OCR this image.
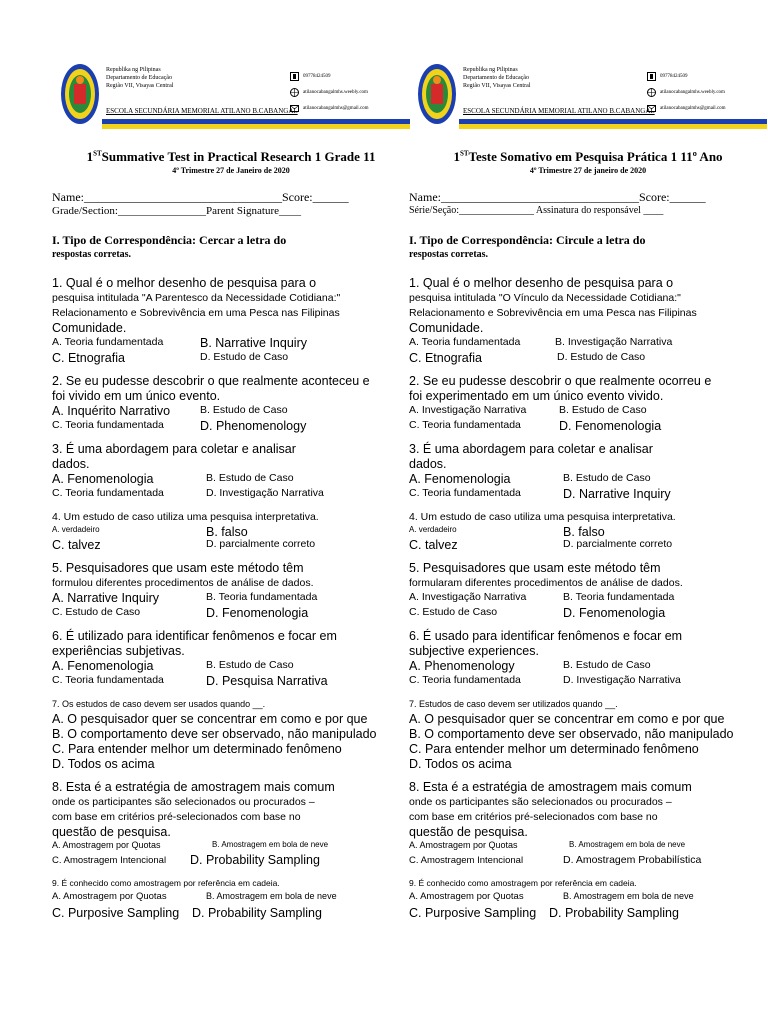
Republika ng Pilipinas
Departamento de Educação
Região VII, Visayas Central
ESCOLA SECUNDÁRIA MEMORIAL ATILANO B.CABANGAL
09778424509
atilanocabangalmhs.weebly.com
atilanocabangalmhs@gmail.com
1STSummative Test in Practical Research 1 Grade 11
4º Trimestre 27 de Janeiro de 2020
Name:_________________________________Score:______
Grade/Section:________________Parent Signature____
I. Tipo de Correspondência: Cercar a letra do
respostas corretas.
1. Qual é o melhor desenho de pesquisa para o
pesquisa intitulada "A Parentesco da Necessidade Cotidiana:"
Relacionamento e Sobrevivência em uma Pesca nas Filipinas
Comunidade.
A. Teoria fundamentada	B. Narrative Inquiry
C. Etnografia	D. Estudo de Caso
2. Se eu pudesse descobrir o que realmente aconteceu e
foi vivido em um único evento.
A. Inquérito Narrativo	B. Estudo de Caso
C. Teoria fundamentada	D. Phenomenology
3. É uma abordagem para coletar e analisar
dados.
A. Fenomenologia	B. Estudo de Caso
C. Teoria fundamentada	D. Investigação Narrativa
4. Um estudo de caso utiliza uma pesquisa interpretativa.
A. verdadeiro	B. falso
C. talvez	D. parcialmente correto
5. Pesquisadores que usam este método têm
formulou diferentes procedimentos de análise de dados.
A. Narrative Inquiry	B. Teoria fundamentada
C. Estudo de Caso	D. Fenomenologia
6. É utilizado para identificar fenômenos e focar em
experiências subjetivas.
A. Fenomenologia	B. Estudo de Caso
C. Teoria fundamentada	D. Pesquisa Narrativa
7. Os estudos de caso devem ser usados quando __.
A. O pesquisador quer se concentrar em como e por que
B. O comportamento deve ser observado, não manipulado
C. Para entender melhor um determinado fenômeno
D. Todos os acima
8. Esta é a estratégia de amostragem mais comum
onde os participantes são selecionados ou procurados –
com base em critérios pré-selecionados com base no
questão de pesquisa.
A. Amostragem por Quotas	B. Amostragem em bola de neve
C. Amostragem Intencional D. Probability Sampling
9. É conhecido como amostragem por referência em cadeia.
A. Amostragem por Quotas	B. Amostragem em bola de neve
C. Purposive Sampling D. Probability Sampling
Republika ng Pilipinas
Departamento de Educação
Região VII, Visayas Central
ESCOLA SECUNDÁRIA MEMORIAL ATILANO B.CABANGAL
09778424509
atilanocabangalmhs.weebly.com
atilanocabangalmhs@gmail.com
1STTeste Somativo em Pesquisa Prática 1 11º Ano
4º Trimestre 27 de janeiro de 2020
Name:_________________________________Score:______
Série/Seção:_______________ Assinatura do responsável ____
I. Tipo de Correspondência: Circule a letra do
respostas corretas.
1. Qual é o melhor desenho de pesquisa para o
pesquisa intitulada "O Vínculo da Necessidade Cotidiana:"
Relacionamento e Sobrevivência em uma Pesca nas Filipinas
Comunidade.
A. Teoria fundamentada	B. Investigação Narrativa
C. Etnografia	D. Estudo de Caso
2. Se eu pudesse descobrir o que realmente ocorreu e
foi experimentado em um único evento vivido.
A. Investigação Narrativa	B. Estudo de Caso
C. Teoria fundamentada	D. Fenomenologia
3. É uma abordagem para coletar e analisar
dados.
A. Fenomenologia	B. Estudo de Caso
C. Teoria fundamentada	D. Narrative Inquiry
4. Um estudo de caso utiliza uma pesquisa interpretativa.
A. verdadeiro	B. falso
C. talvez	D. parcialmente correto
5. Pesquisadores que usam este método têm
formularam diferentes procedimentos de análise de dados.
A. Investigação Narrativa	B. Teoria fundamentada
C. Estudo de Caso	D. Fenomenologia
6. É usado para identificar fenômenos e focar em
subjective experiences.
A. Phenomenology	B. Estudo de Caso
C. Teoria fundamentada	D. Investigação Narrativa
7. Estudos de caso devem ser utilizados quando __.
A. O pesquisador quer se concentrar em como e por que
B. O comportamento deve ser observado, não manipulado
C. Para entender melhor um determinado fenômeno
D. Todos os acima
8. Esta é a estratégia de amostragem mais comum
onde os participantes são selecionados ou procurados –
com base em critérios pré-selecionados com base no
questão de pesquisa.
A. Amostragem por Quotas	B. Amostragem em bola de neve
C. Amostragem Intencional	D. Amostragem Probabilística
9. É conhecido como amostragem por referência em cadeia.
A. Amostragem por Quotas	B. Amostragem em bola de neve
C. Purposive Sampling D. Probability Sampling
